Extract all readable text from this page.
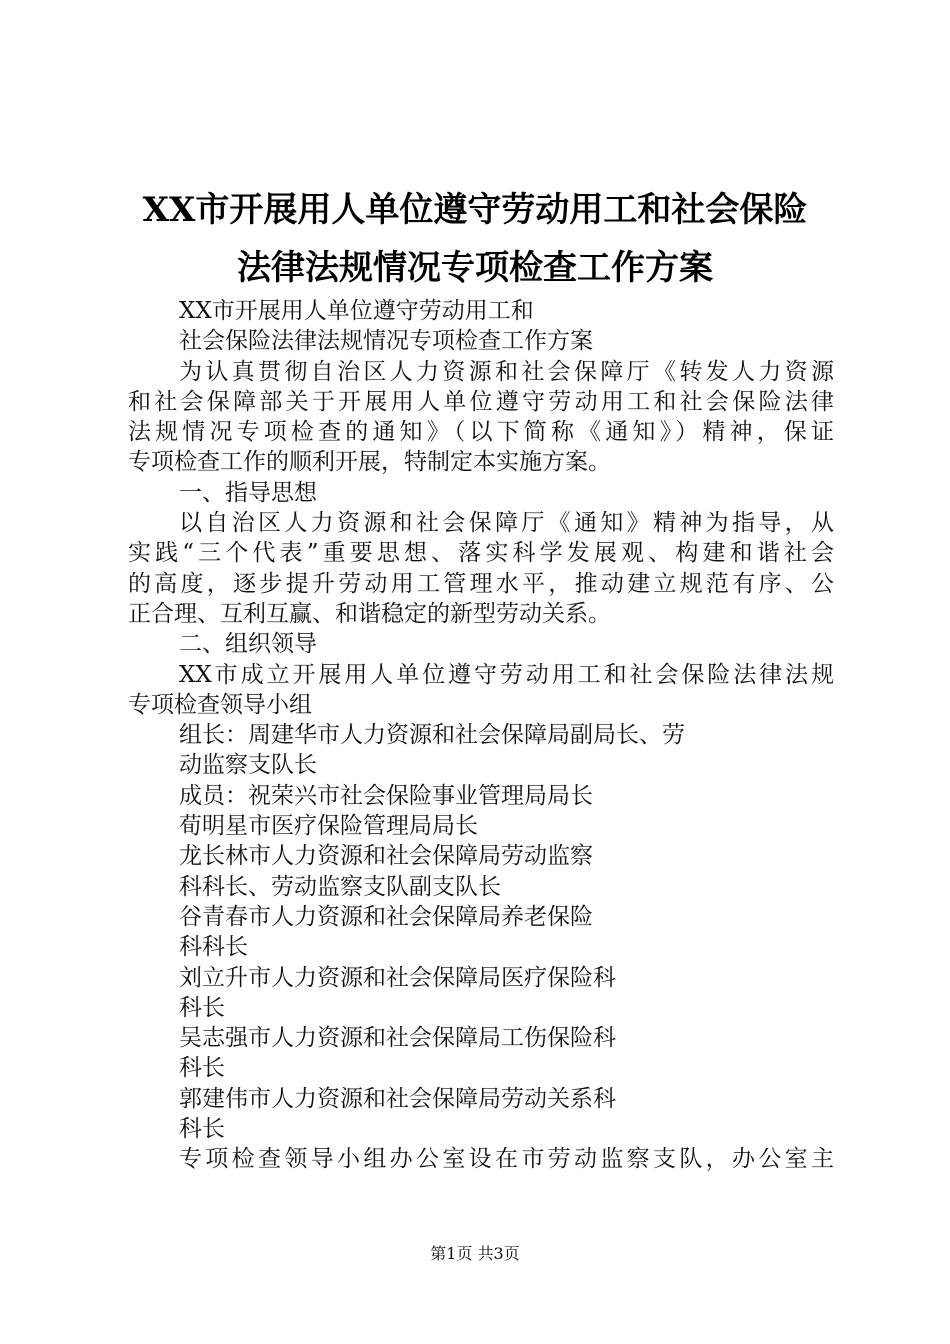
XX市开展用人单位遵守劳动用工和社会保险
法律法规情况专项检查工作方案
XX市开展用人单位遵守劳动用工和
社会保险法律法规情况专项检查工作方案
为认真贯彻自治区人力资源和社会保障厅《转发人力资源
和社会保障部关于开展用人单位遵守劳动用工和社会保险法律
法规情况专项检查的通知》（以下简称《通知》）精神，保证
专项检查工作的顺利开展，特制定本实施方案。
一、指导思想
以自治区人力资源和社会保障厅《通知》精神为指导，从
实践“三个代表”重要思想、落实科学发展观、构建和谐社会
的高度，逐步提升劳动用工管理水平，推动建立规范有序、公
正合理、互利互赢、和谐稳定的新型劳动关系。
二、组织领导
XX市成立开展用人单位遵守劳动用工和社会保险法律法规
专项检查领导小组
组长：周建华市人力资源和社会保障局副局长、劳
动监察支队长
成员：祝荣兴市社会保险事业管理局局长
荀明星市医疗保险管理局局长
龙长林市人力资源和社会保障局劳动监察
科科长、劳动监察支队副支队长
谷青春市人力资源和社会保障局养老保险
科科长
刘立升市人力资源和社会保障局医疗保险科
科长
吴志强市人力资源和社会保障局工伤保险科
科长
郭建伟市人力资源和社会保障局劳动关系科
科长
专项检查领导小组办公室设在市劳动监察支队，办公室主
第1页 共3页
